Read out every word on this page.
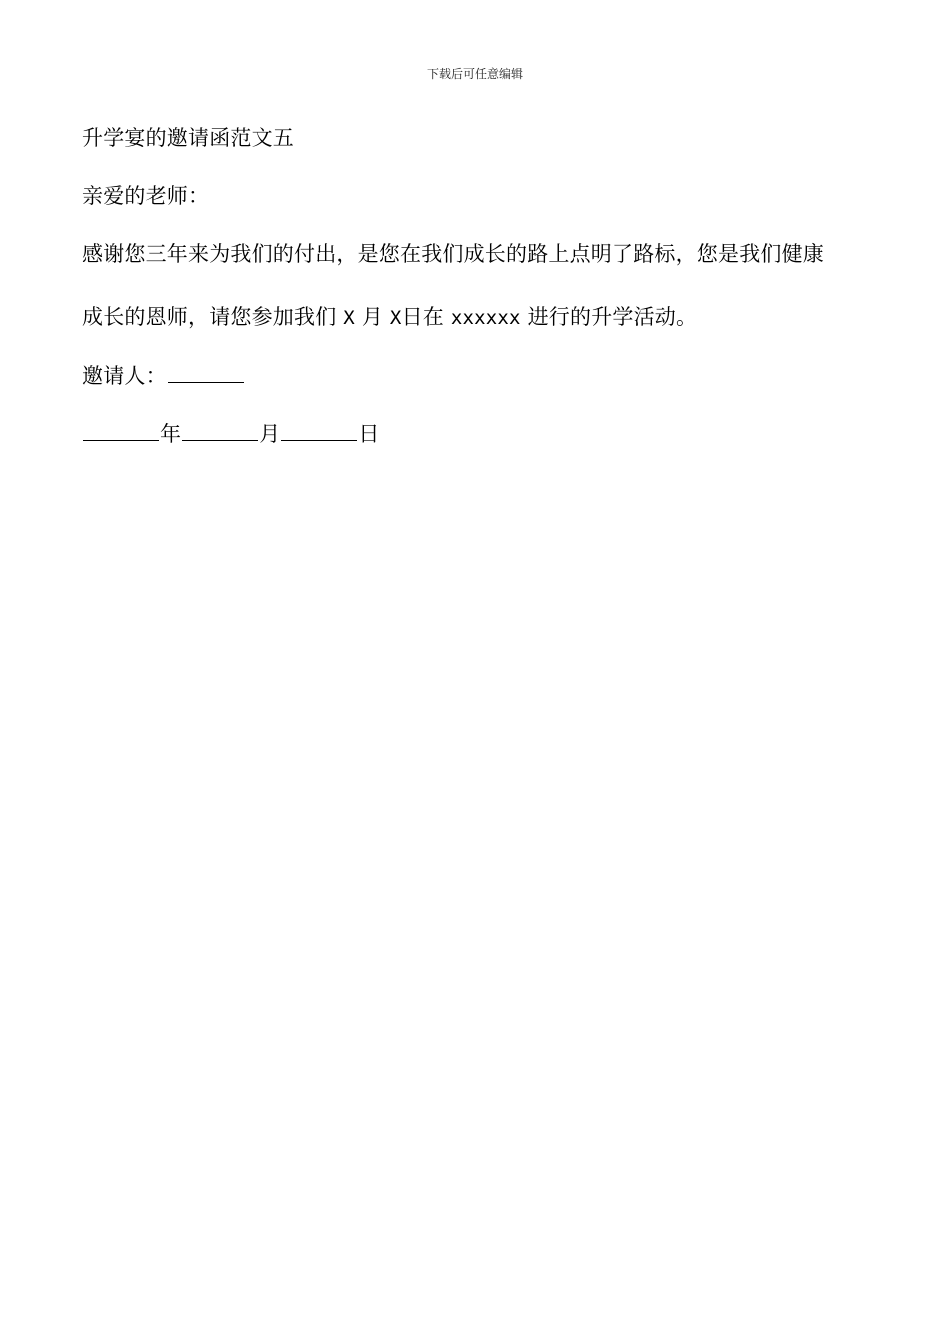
下载后可任意编辑
升学宴的邀请函范文五
亲爱的老师：
感谢您三年来为我们的付出，是您在我们成长的路上点明了路标，您是我们健康
成长的恩师，请您参加我们 X 月 X日在 xxxxxx 进行的升学活动。
邀请人：
年	月	日
